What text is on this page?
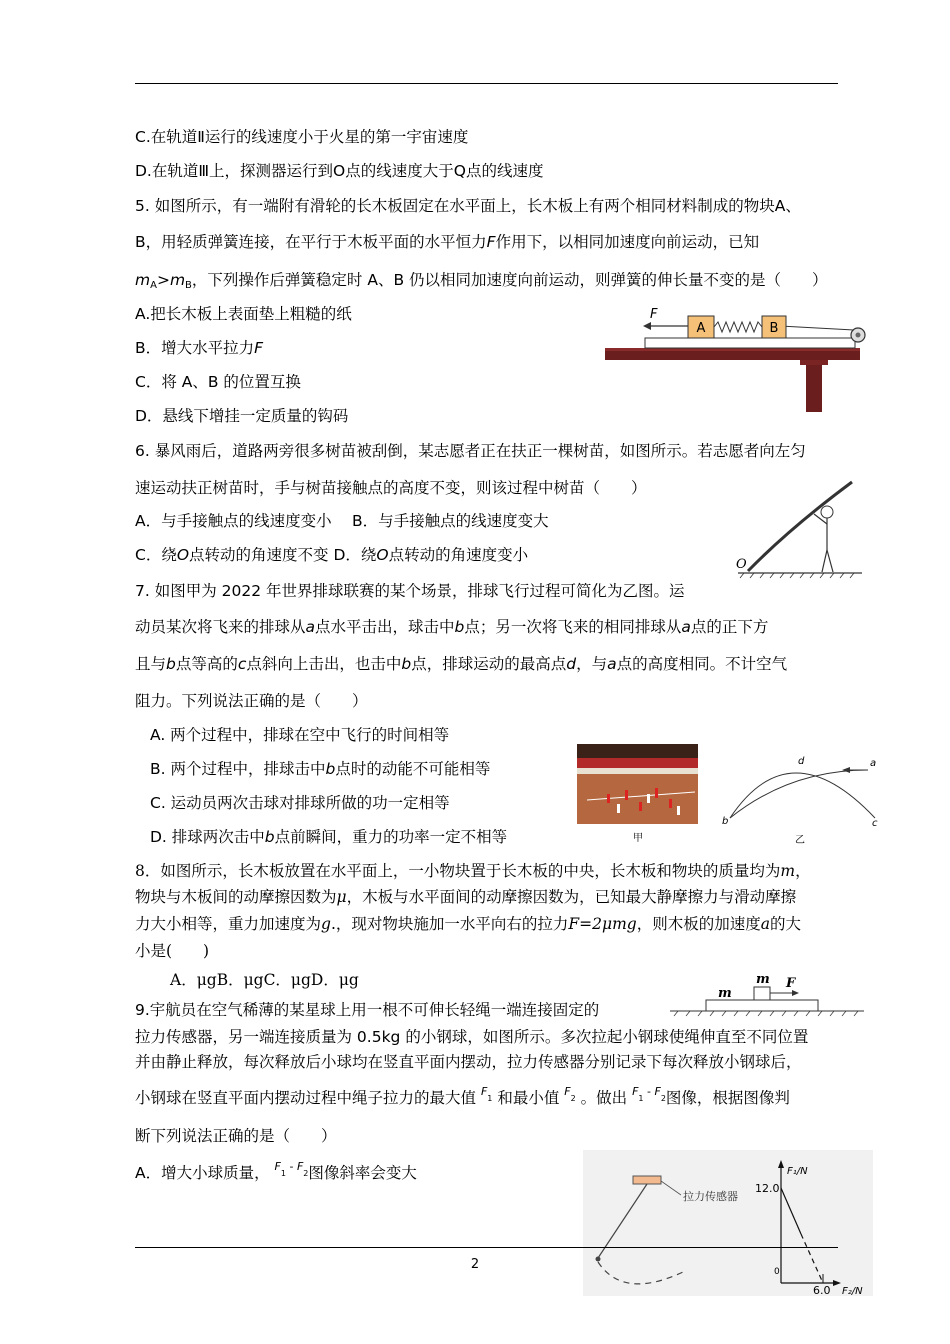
C.在轨道Ⅱ运行的线速度小于火星的第一宇宙速度
D.在轨道Ⅲ上，探测器运行到O点的线速度大于Q点的线速度
5. 如图所示，有一端附有滑轮的长木板固定在水平面上，长木板上有两个相同材料制成的物块A、
B，用轻质弹簧连接，在平行于木板平面的水平恒力F作用下，以相同加速度向前运动，已知
mA>mB，下列操作后弹簧稳定时 A、B 仍以相同加速度向前运动，则弹簧的伸长量不变的是（　　）
A.把长木板上表面垫上粗糙的纸
B．增大水平拉力F
C．将 A、B 的位置互换
D．悬线下增挂一定质量的钩码
A	B
F
6. 暴风雨后，道路两旁很多树苗被刮倒，某志愿者正在扶正一棵树苗，如图所示。若志愿者向左匀
速运动扶正树苗时，手与树苗接触点的高度不变，则该过程中树苗（　　）
A．与手接触点的线速度变小　 B．与手接触点的线速度变大
C．绕O点转动的角速度不变 D．绕O点转动的角速度变小
O
7. 如图甲为 2022 年世界排球联赛的某个场景，排球飞行过程可简化为乙图。运
动员某次将飞来的排球从a点水平击出，球击中b点；另一次将飞来的相同排球从a点的正下方
且与b点等高的c点斜向上击出，也击中b点，排球运动的最高点d，与a点的高度相同。不计空气
阻力。下列说法正确的是（　　）
A. 两个过程中，排球在空中飞行的时间相等
B. 两个过程中，排球击中b点时的动能不可能相等
C. 运动员两次击球对排球所做的功一定相等
D. 排球两次击中b点前瞬间，重力的功率一定不相等	甲
a
b	c
d
乙
8．如图所示，长木板放置在水平面上，一小物块置于长木板的中央，长木板和物块的质量均为m，
物块与木板间的动摩擦因数为μ，木板与水平面间的动摩擦因数为，已知最大静摩擦力与滑动摩擦
力大小相等，重力加速度为g.，现对物块施加一水平向右的拉力F=2μmg，则木板的加速度a的大
小是(　　)
A．μgB．μgC．μgD．μg	m F
m
9.宇航员在空气稀薄的某星球上用一根不可伸长轻绳一端连接固定的
拉力传感器，另一端连接质量为 0.5kg 的小钢球，如图所示。多次拉起小钢球使绳伸直至不同位置
并由静止释放，每次释放后小球均在竖直平面内摆动，拉力传感器分别记录下每次释放小钢球后，
小钢球在竖直平面内摆动过程中绳子拉力的最大值 $^{F_1}$ 和最小值 $^{F_2}$ 。做出 $^{F_1 - F_2}$图像，根据图像判
断下列说法正确的是（　　）
A．增大小球质量， $^{F_1 - F_2}$图像斜率会变大
拉力传感器
F₁/N
12.0
0
6.0 F₂/N
2
